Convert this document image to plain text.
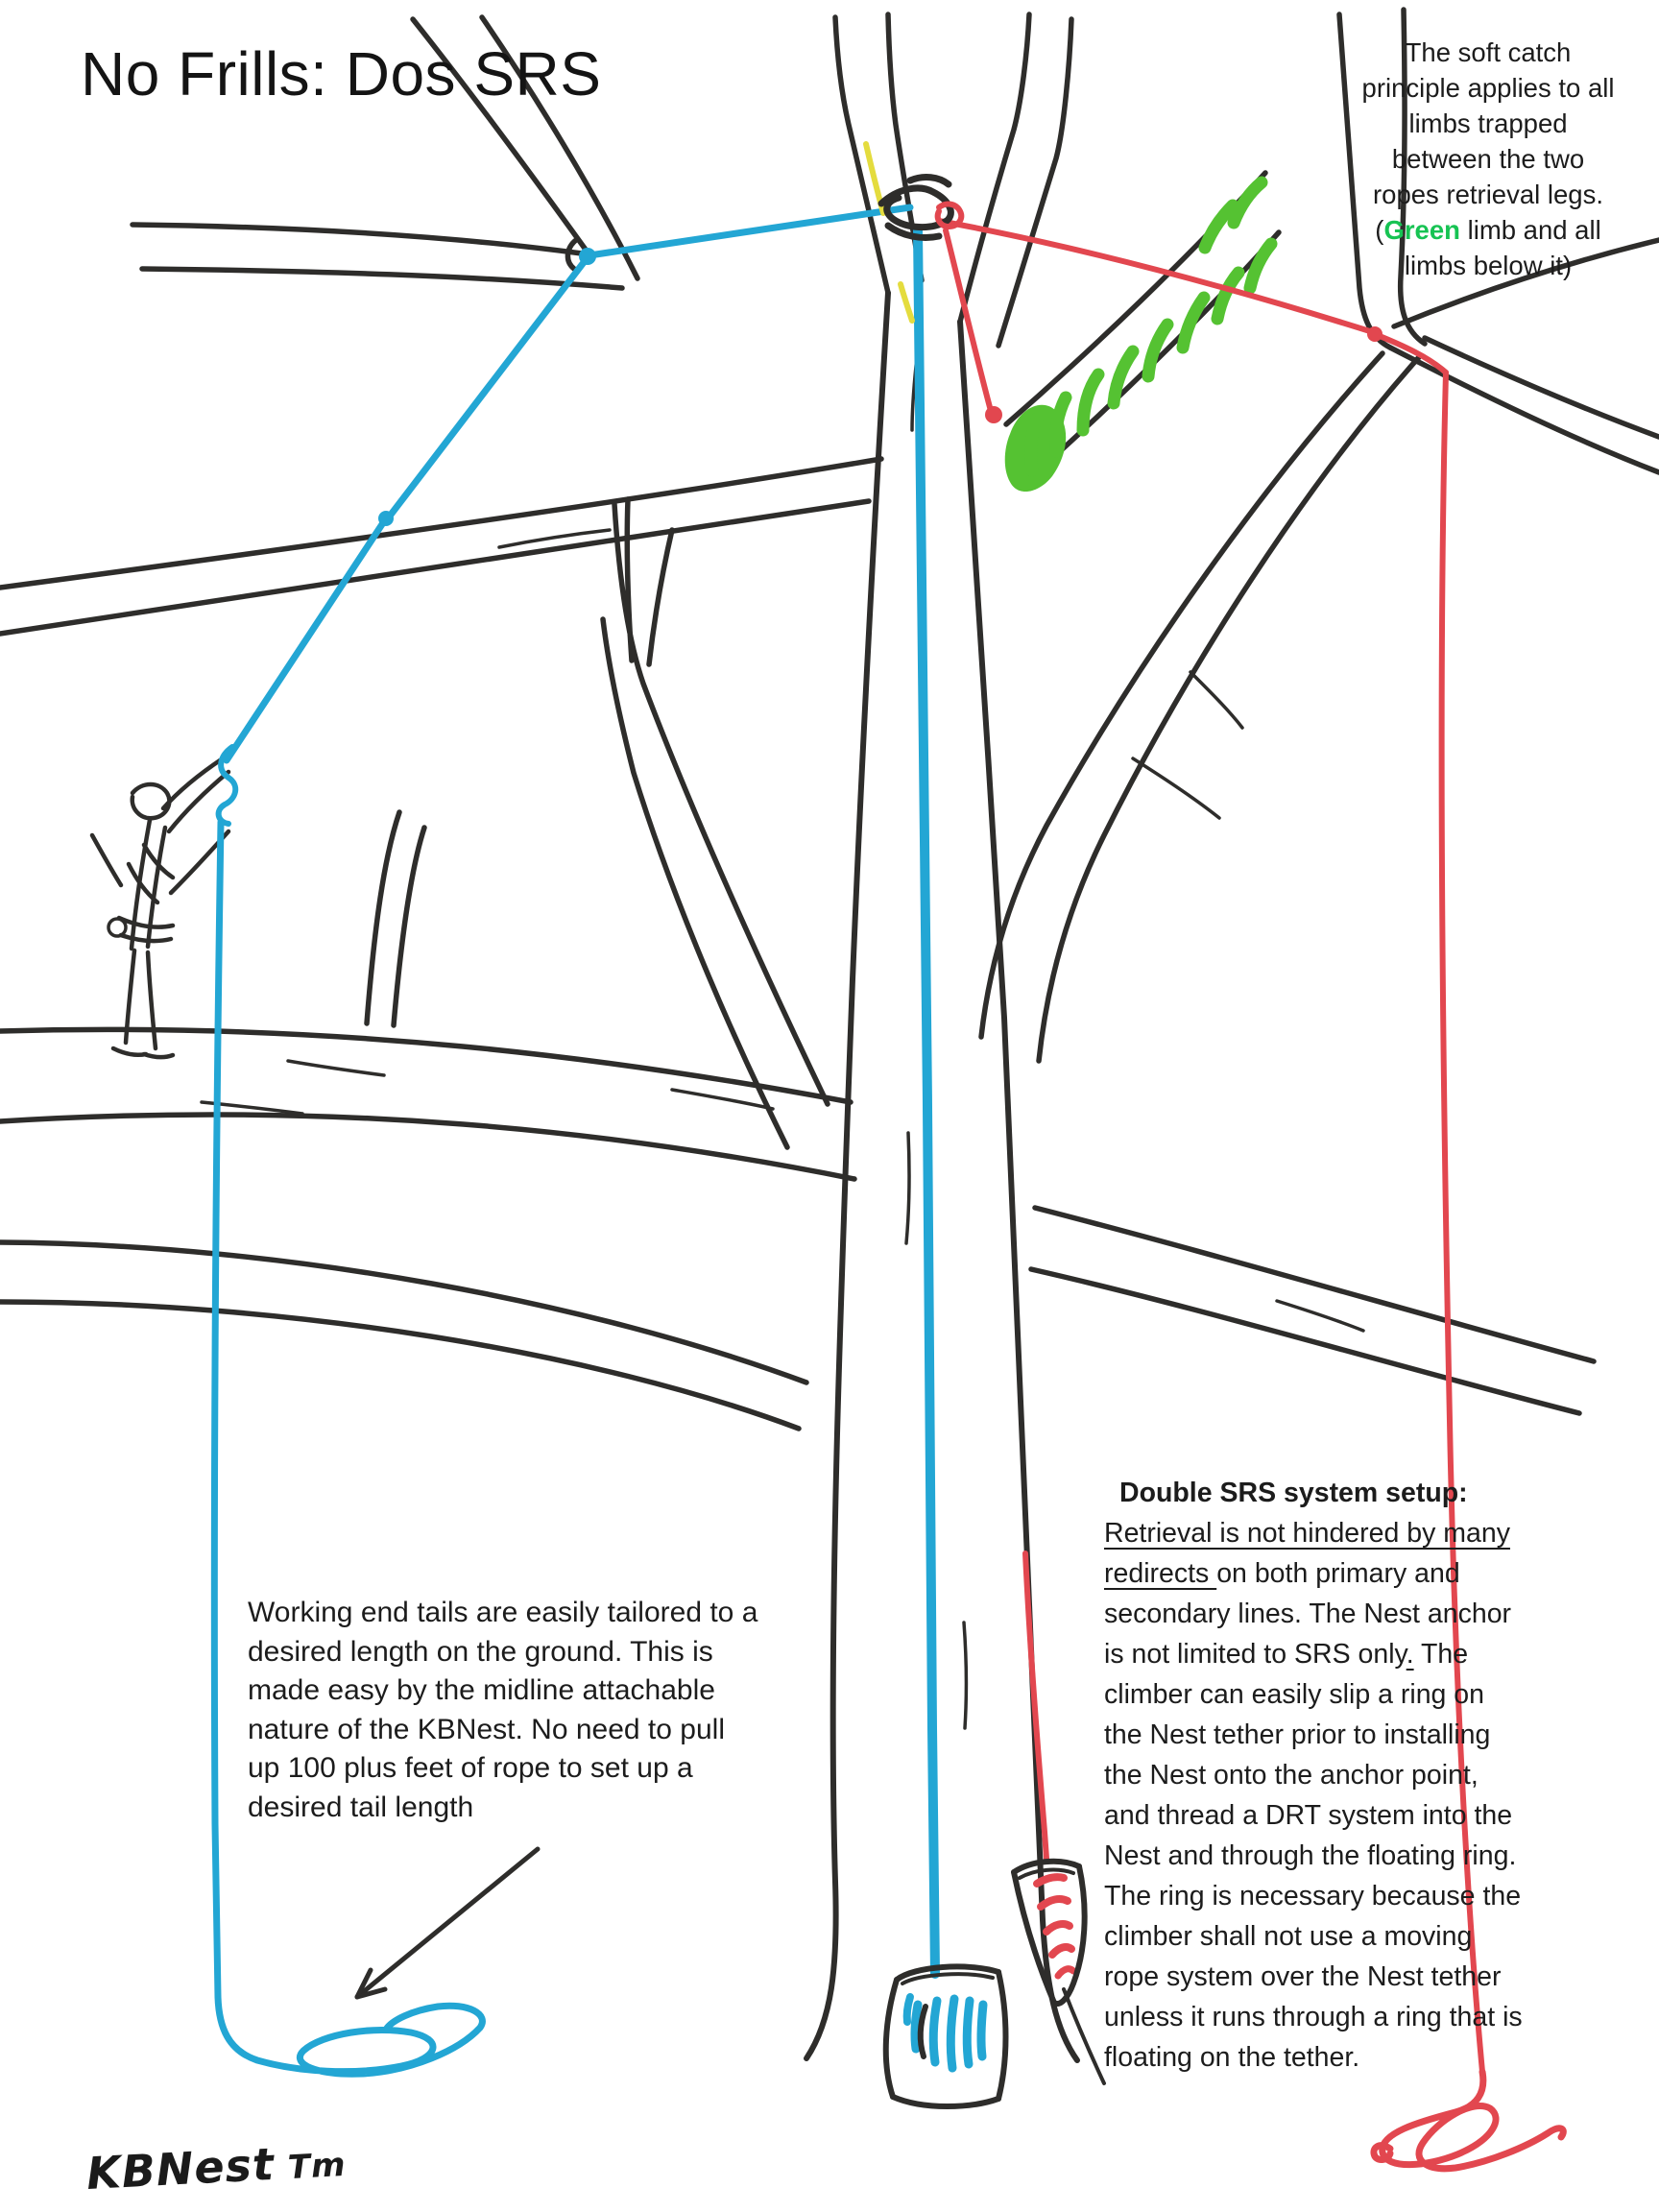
No Frills: Dos SRS	The soft catch
principle applies to all
limbs trapped
between the two
ropes retrieval legs.
(Green limb and all
limbs below it)
Working end tails are easily tailored to a
desired length on the ground. This is
made easy by the midline attachable
nature of the KBNest. No need to pull
up 100 plus feet of rope to set up a
desired tail length
Double SRS system setup:
Retrieval is not hindered by many
redirects on both primary and
secondary lines. The Nest anchor
is not limited to SRS only. The
climber can easily slip a ring on
the Nest tether prior to installing
the Nest onto the anchor point,
and thread a DRT system into the
Nest and through the floating ring.
The ring is necessary because the
climber shall not use a moving
rope system over the Nest tether
unless it runs through a ring that is
floating on the tether.
KBNest Tm
